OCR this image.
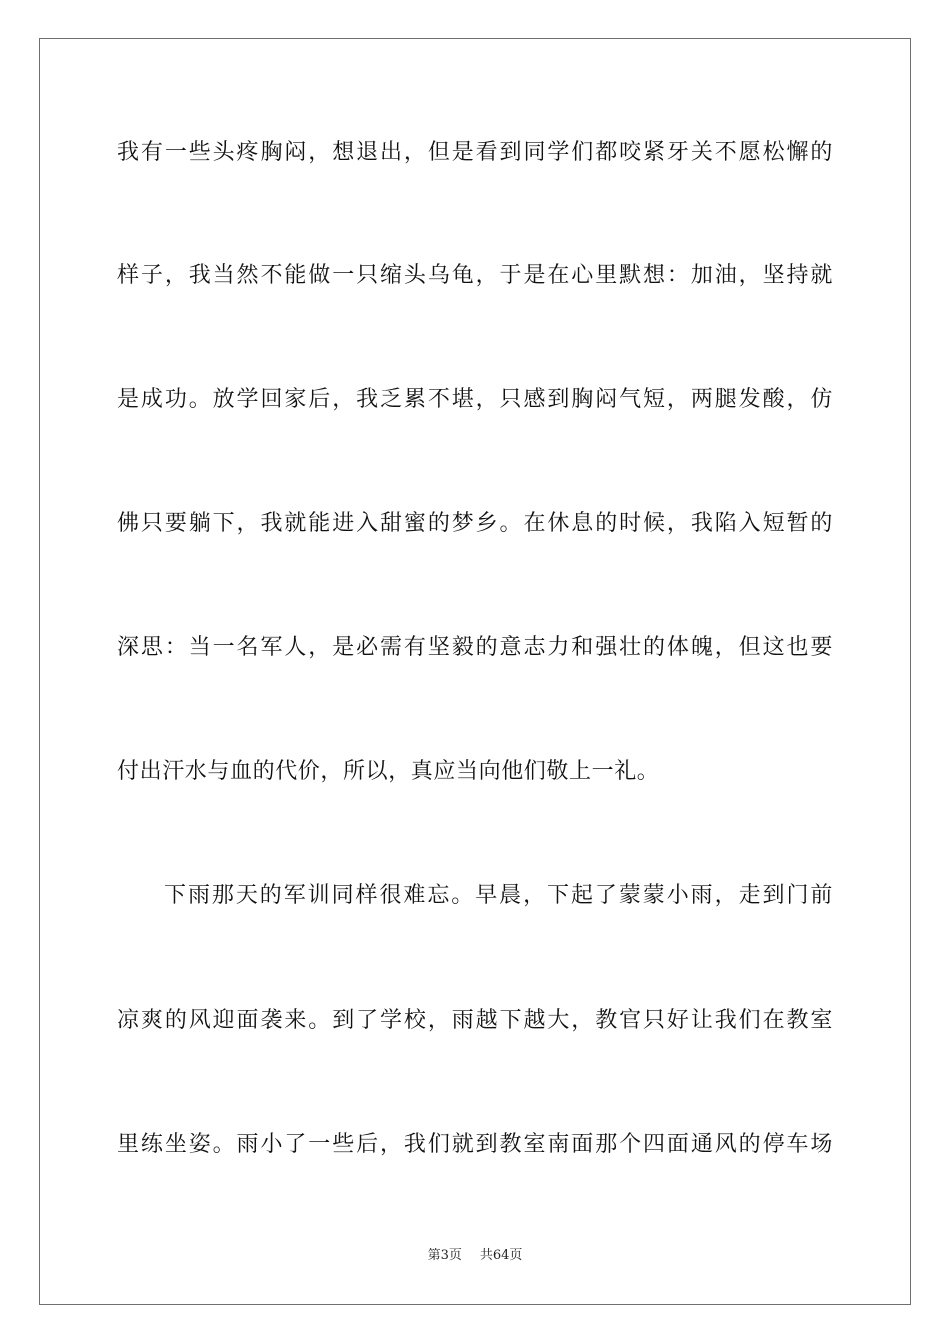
我有一些头疼胸闷，想退出，但是看到同学们都咬紧牙关不愿松懈的
样子，我当然不能做一只缩头乌龟，于是在心里默想：加油，坚持就
是成功。放学回家后，我乏累不堪，只感到胸闷气短，两腿发酸，仿
佛只要躺下，我就能进入甜蜜的梦乡。在休息的时候，我陷入短暂的
深思：当一名军人，是必需有坚毅的意志力和强壮的体魄，但这也要
付出汗水与血的代价，所以，真应当向他们敬上一礼。
下雨那天的军训同样很难忘。早晨，下起了蒙蒙小雨，走到门前
凉爽的风迎面袭来。到了学校，雨越下越大，教官只好让我们在教室
里练坐姿。雨小了一些后，我们就到教室南面那个四面通风的停车场
第3页 共64页
